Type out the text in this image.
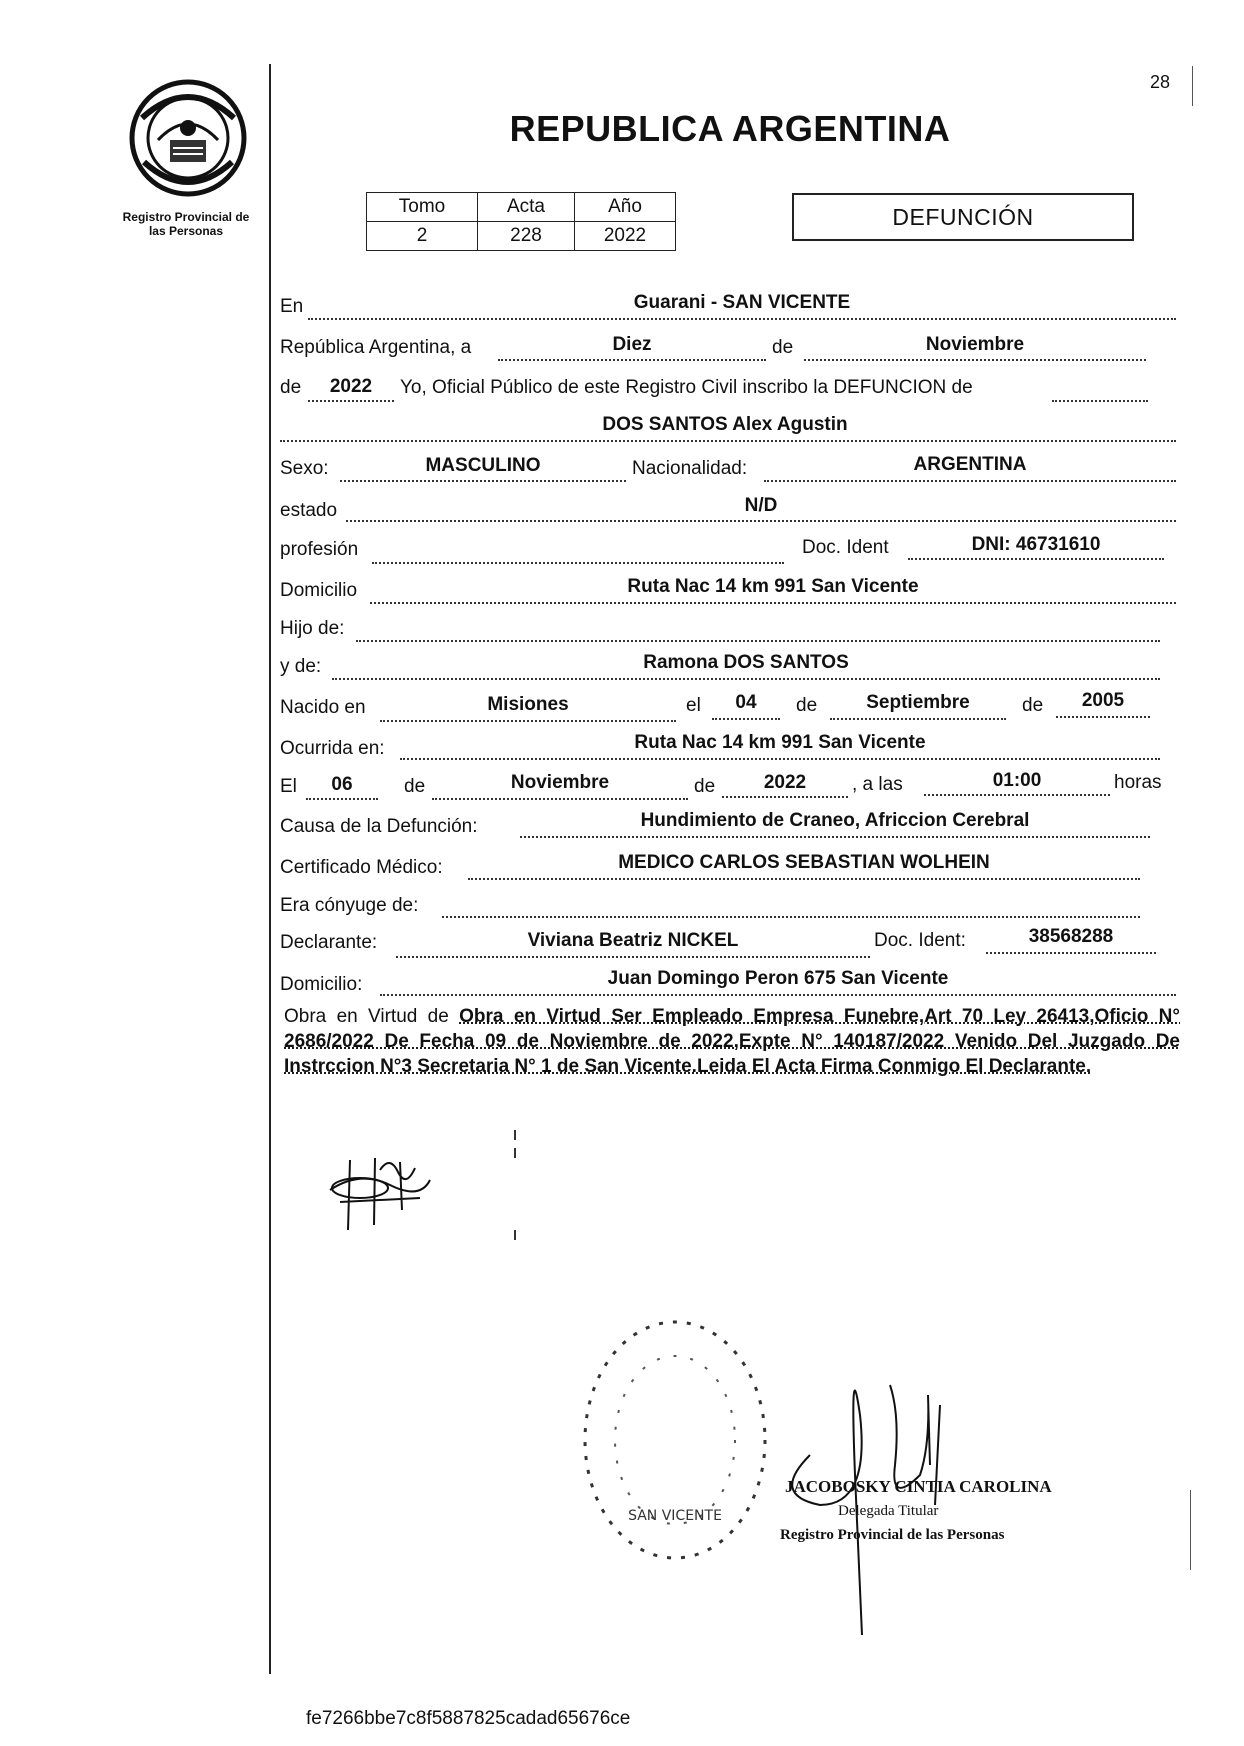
28
Registro Provincial de
las Personas
REPUBLICA ARGENTINA
Tomo	Acta	Año
2	228	2022
DEFUNCIÓN
En	Guarani - SAN VICENTE
República Argentina, a	Diez	de	Noviembre
de	2022	Yo, Oficial Público de este Registro Civil inscribo la DEFUNCION de
DOS SANTOS Alex Agustin
Sexo:	MASCULINO	Nacionalidad:	ARGENTINA
estado	N/D
profesión	Doc. Ident	DNI: 46731610
Domicilio	Ruta Nac 14 km 991 San Vicente
Hijo de:
y de:	Ramona DOS SANTOS
Nacido en	Misiones	el	04	de	Septiembre	de	2005
Ocurrida en:	Ruta Nac 14 km 991 San Vicente
El	06	de	Noviembre	de	2022	, a las	01:00	horas
Causa de la Defunción:	Hundimiento de Craneo, Africcion Cerebral
Certificado Médico:	MEDICO CARLOS SEBASTIAN WOLHEIN
Era cónyuge de:
Declarante:	Viviana Beatriz NICKEL	Doc. Ident:	38568288
Domicilio:	Juan Domingo Peron 675 San Vicente
Obra en Virtud de Obra en Virtud Ser Empleado Empresa Funebre,Art 70 Ley 26413,Oficio N° 2686/2022 De Fecha 09 de Noviembre de 2022,Expte N° 140187/2022 Venido Del Juzgado De Instrccion N°3 Secretaria N° 1 de San Vicente.Leida El Acta Firma Conmigo El Declarante.
SAN VICENTE
JACOBOSKY CINTIA CAROLINA
Delegada Titular
Registro Provincial de las Personas
fe7266bbe7c8f5887825cadad65676ce
